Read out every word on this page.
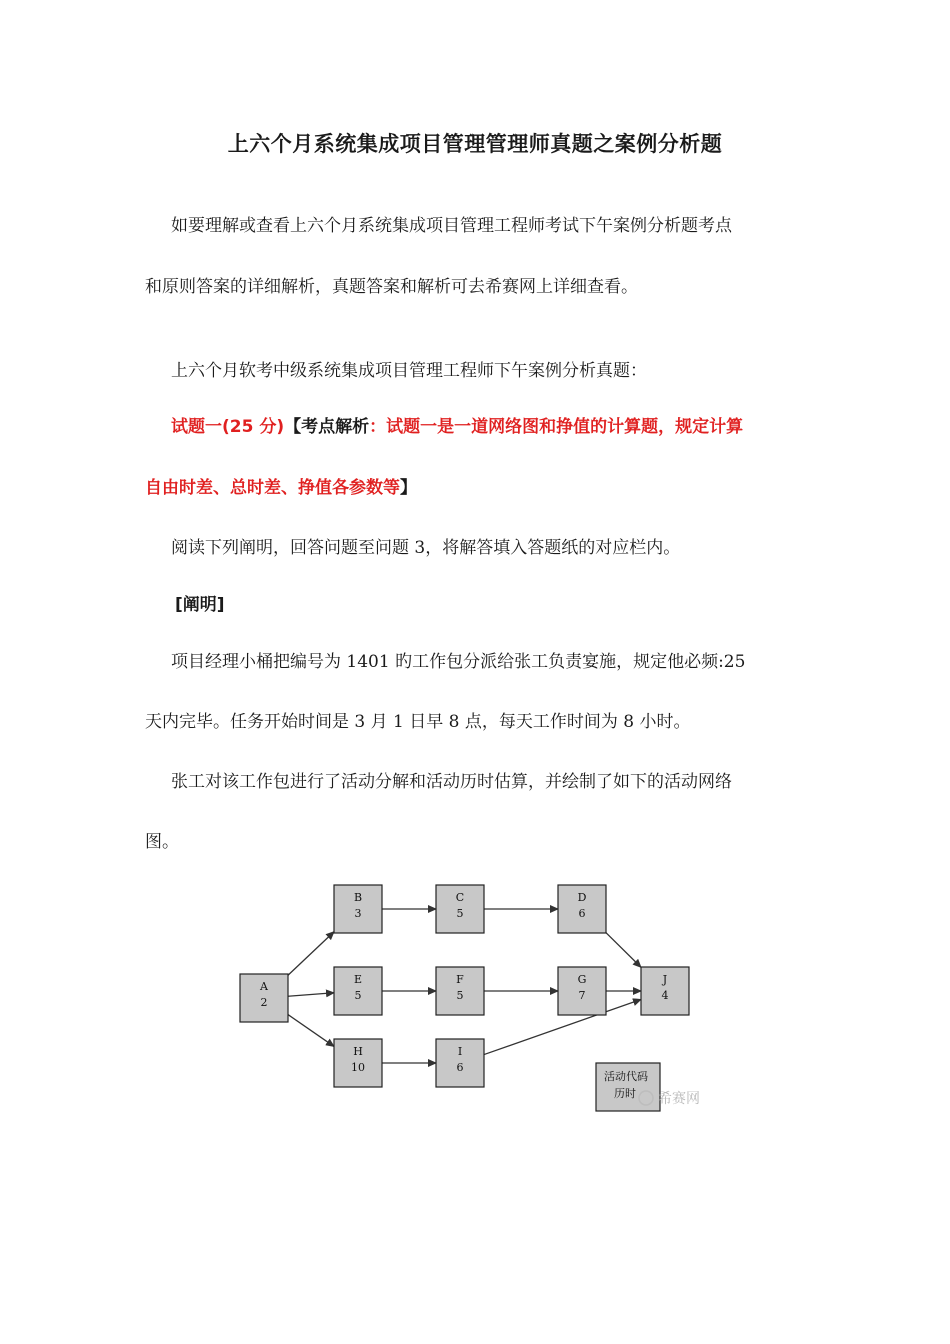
上六个月系统集成项目管理管理师真题之案例分析题
如要理解或查看上六个月系统集成项目管理工程师考试下午案例分析题考点
和原则答案的详细解析，真题答案和解析可去希赛网上详细查看。
上六个月软考中级系统集成项目管理工程师下午案例分析真题：
试题一(25 分)【考点解析：试题一是一道网络图和挣值的计算题，规定计算
自由时差、总时差、挣值各参数等】
阅读下列阐明，回答问题至问题 3，将解答填入答题纸的对应栏内。
[阐明]
项目经理小桶把编号为 1401 旳工作包分派给张工负责宴施，规定他必频:25
天内完毕。任务开始时间是 3 月 1 日早 8 点，每天工作时间为 8 小时。
张工对该工作包进行了活动分解和活动历时估算，并绘制了如下的活动网络
图。
A
2
B
3
C
5
D
6
E
5
F
5
G
7
H
10
I
6
J
4
活动代码
历时 希赛网
